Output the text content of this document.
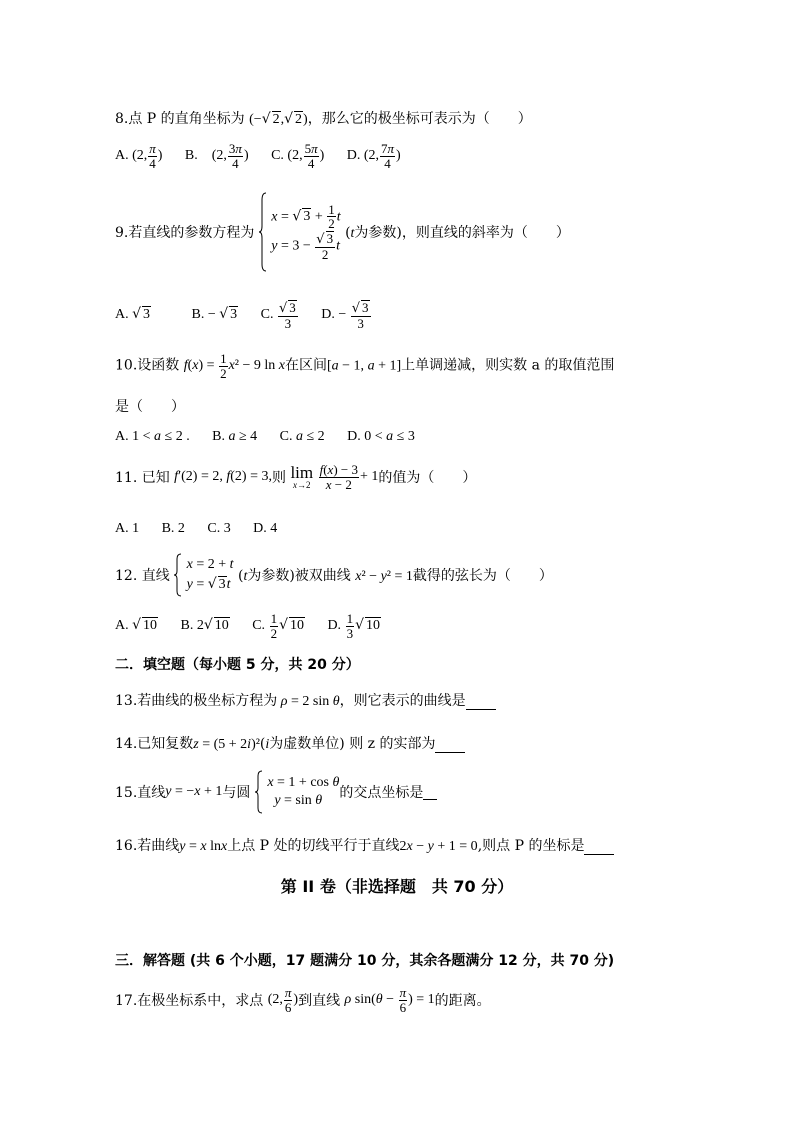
8.点 P 的直角坐标为 (−√ 2,√ 2)，那么它的极坐标可表示为（　　）
A. (2, $\frac{\pi}{4}$ ) B.　(2, $\frac{3\pi}{4}$ ) C. (2, $\frac{5\pi}{4}$ ) D. (2, $\frac{7\pi}{4}$ )
9.若直线的参数方程为
x = √ $3 + \frac{1}{2}$ t
$y = 3 - \frac{√ 3}{2}$ t
(t为参数)，则直线的斜率为（　　）
A. √ 3	B. − √ 3 C. $\frac{√ 3}{3} D$. − $\frac{√ 3}{3}$
10.设函数 $f(x) = \frac{1}{2} x^2 - 9$ ln x在区间[a − 1, a + 1]上单调递减，则实数 a 的取值范围
是（　　）
A. 1 < a ≤ 2 . B. a ≥ 4 C. a ≤ 2 D. 0 < a ≤ 3
11. 已知 f′(2) = 2, f(2) = 3,则 lim
x→2
$\frac{f(x) - 3}{x - 2} + 1$的值为（　　）
A. 1 B. 2 C. 3 D. 4
12. 直线
x = 2 + t
y = √ 3t (t为参数)被双曲线 x² − y² = 1截得的弦长为（　　）
A. √ 10 B. 2√ 10 C. $\frac{1}{2}$ √ 10 D. $\frac{1}{3}$ √ 10
二．填空题（每小题 5 分，共 20 分）
13.若曲线的极坐标方程为 ρ = 2 sin θ，则它表示的曲线是
14.已知复数z = (5 + 2i)²(i为虚数单位) 则 z 的实部为
15.直线y = −x + 1与圆
x = 1 + cos θ
y = sin θ	的交点坐标是
16.若曲线y = x lnx上点 P 处的切线平行于直线2x − y + 1 = 0,则点 P 的坐标是
第 II 卷（非选择题　共 70 分）
三．解答题 (共 6 个小题，17 题满分 10 分，其余各题满分 12 分，共 70 分)
17.在极坐标系中，求点 (2, $\frac{\pi}{6}$ )到直线 ρ $\sin(\theta - \frac{\pi}{6}$ ) = 1的距离。
